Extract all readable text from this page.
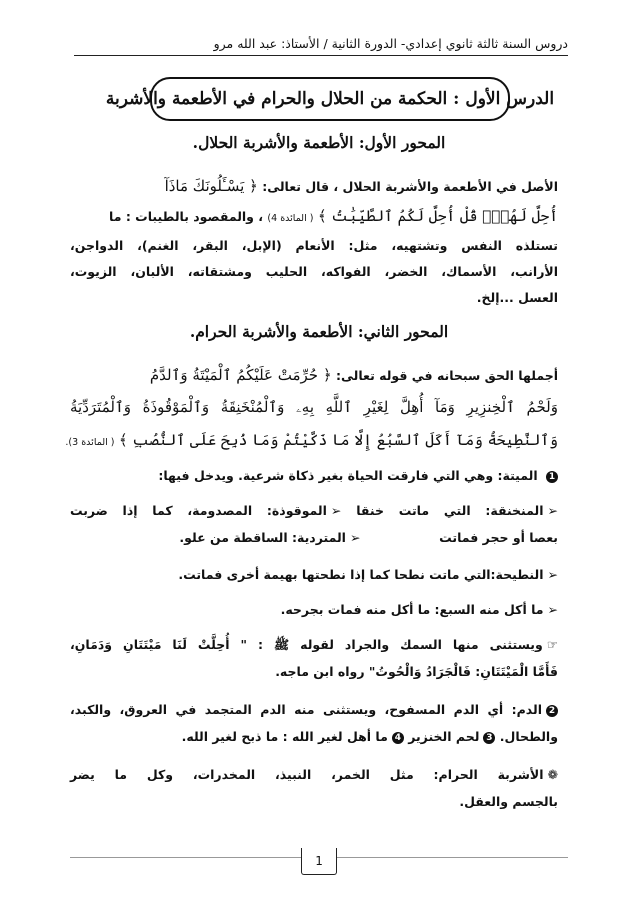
دروس السنة ثالثة ثانوي إعدادي- الدورة الثانية / الأستاذ: عبد الله مرو
الدرس الأول : الحكمة من الحلال والحرام في الأطعمة والأشربة
المحور الأول: الأطعمة والأشربة الحلال.
الأصل في الأطعمة والأشربة الحلال ، قال تعالى: ﴿ يَسْـَٔلُونَكَ مَاذَآ
أُحِلَّ لَهُمْۖ قُلْ أُحِلَّ لَكُمُ ٱلطَّيِّبَٰتُ ﴾ ( المائدة 4) ، والمقصود بالطيبات : ما
تستلذه النفس وتشتهيه، مثل: الأنعام (الإبل، البقر، الغنم)، الدواجن،
الأرانب، الأسماك، الخضر، الفواكه، الحليب ومشتقاته، الألبان، الزيوت،
العسل ...إلخ.
المحور الثاني: الأطعمة والأشربة الحرام.
أجملها الحق سبحانه في قوله تعالى: ﴿ حُرِّمَتْ عَلَيْكُمُ ٱلْمَيْتَةُ وَٱلدَّمُ
وَلَحْمُ ٱلْخِنزِيرِ وَمَآ أُهِلَّ لِغَيْرِ ٱللَّهِ بِهِۦ وَٱلْمُنْخَنِقَةُ وَٱلْمَوْقُوذَةُ وَٱلْمُتَرَدِّيَةُ
وَٱلنَّطِيحَةُ وَمَآ أَكَلَ ٱلسَّبُعُ إِلَّا مَا ذَكَّيْتُمْ وَمَا ذُبِحَ عَلَى ٱلنُّصُبِ ﴾ ( المائدة 3).
1 الميتة: وهي التي فارقت الحياة بغير ذكاة شرعية. ويدخل فيها:
➢المنخنقة: التي ماتت خنقا ➢الموقوذة: المصدومة، كما إذا ضربت
بعصا أو حجر فماتت  ➢المتردية: الساقطة من علو.
➢النطيحة:التي ماتت نطحا كما إذا نطحتها بهيمة أخرى فماتت.
➢ما أكل منه السبع: ما أكل منه فمات بجرحه.
☞ويستثنى منها السمك والجراد لقوله ﷺ : " أُحِلَّتْ لَنَا مَيْتَتَانِ وَدَمَانِ،
فَأَمَّا الْمَيْتَتَانِ: فَالْجَرَادُ وَالْحُوتُ" رواه ابن ماجه.
2الدم: أي الدم المسفوح، ويستثنى منه الدم المتجمد في العروق، والكبد،
والطحال. 3لحم الخنزير 4ما أهل لغير الله : ما ذبح لغير الله.
❁الأشربة الحرام: مثل الخمر، النبيذ، المخدرات، وكل ما يضر
بالجسم والعقل.
1
